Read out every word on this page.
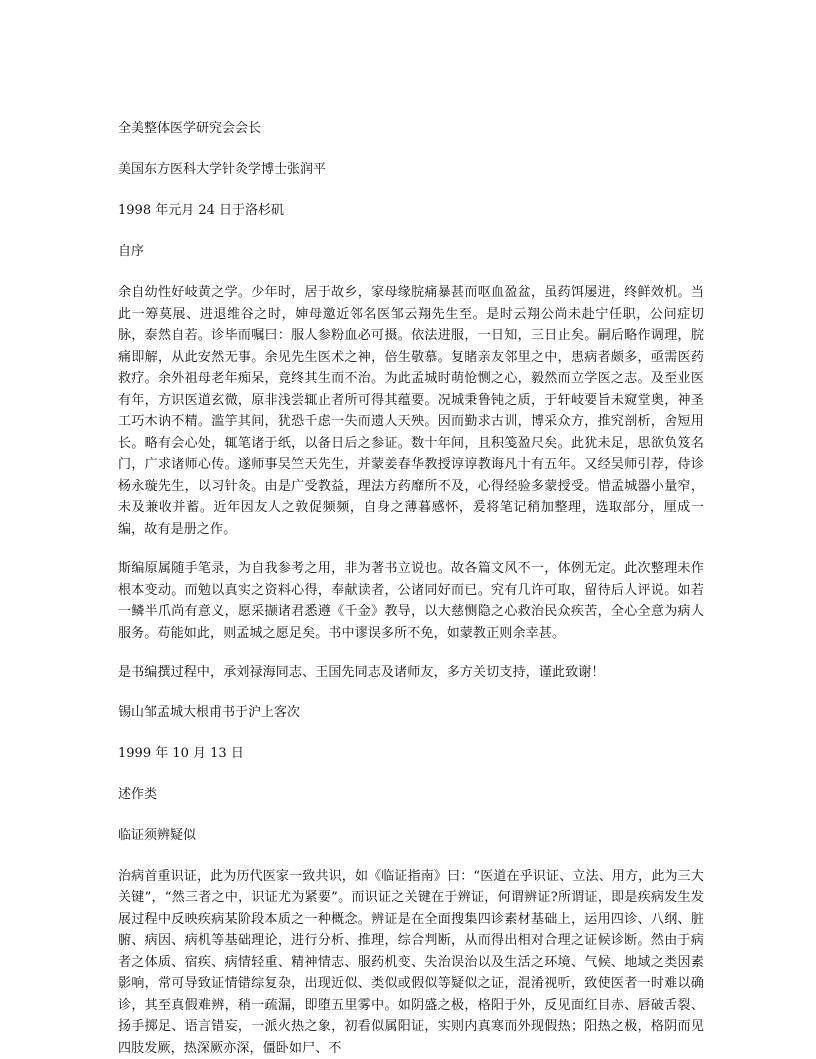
全美整体医学研究会会长

美国东方医科大学针灸学博士张润平

1998 年元月 24 日于洛杉矶

自序

余自幼性好岐黄之学。少年时，居于故乡，家母缘脘痛暴甚而呕血盈盆，虽药饵屡进，终鲜效机。当此一筹莫展、进退维谷之时，婶母邀近邻名医邹云翔先生至。是时云翔公尚未赴宁任职，公问症切脉，泰然自若。诊毕而嘱曰：服人参粉血必可摄。依法进服，一日知，三日止矣。嗣后略作调理，脘痛即解，从此安然无事。余见先生医术之神，倍生敬慕。复睹亲友邻里之中，患病者颇多，亟需医药救疗。余外祖母老年痴呆，竟终其生而不治。为此孟城时萌怆恻之心，毅然而立学医之志。及至业医有年，方识医道玄微，原非浅尝辄止者所可得其蕴要。况城秉鲁钝之质，于轩岐要旨未窥堂奥，神圣工巧木讷不精。滥竽其间，犹恐千虑一失而遗人天殃。因而勤求古训，博采众方，推究剖析，舍短用长。略有会心处，辄笔诸于纸，以备日后之参证。数十年间，且积笺盈尺矣。此犹未足，思欲负笈名门，广求诸师心传。遂师事吴竺天先生，并蒙姜春华教授谆谆教诲凡十有五年。又经吴师引荐，侍诊杨永璇先生，以习针灸。由是广受教益，理法方药靡所不及，心得经验多蒙授受。惜孟城器小量窄，未及兼收并蓄。近年因友人之敦促频频，自身之薄暮感怀，爰将笔记稍加整理，选取部分，厘成一编，故有是册之作。

斯编原属随手笔录，为自我参考之用，非为著书立说也。故各篇文风不一，体例无定。此次整理未作根本变动。而勉以真实之资料心得，奉献读者，公诸同好而已。究有几许可取，留待后人评说。如若一鳞半爪尚有意义，愿采撷诸君悉遵《千金》教导，以大慈恻隐之心救治民众疾苦，全心全意为病人服务。苟能如此，则孟城之愿足矣。书中谬误多所不免，如蒙教正则余幸甚。

是书编撰过程中，承刘禄海同志、王国先同志及诸师友，多方关切支持，谨此致谢！

锡山邹孟城大根甫书于沪上客次

1999 年 10 月 13 日

述作类

临证须辨疑似

治病首重识证，此为历代医家一致共识，如《临证指南》曰：“医道在乎识证、立法、用方，此为三大关键”，“然三者之中，识证尤为紧要”。而识证之关键在于辨证，何谓辨证?所谓证，即是疾病发生发展过程中反映疾病某阶段本质之一种概念。辨证是在全面搜集四诊素材基础上，运用四诊、八纲、脏腑、病因、病机等基础理论，进行分析、推理，综合判断，从而得出相对合理之证候诊断。然由于病者之体质、宿疾、病情轻重、精神情志、服药机变、失治误治以及生活之环境、气候、地域之类因素影响，常可导致证情错综复杂，出现近似、类似或假似等疑似之证，混淆视听，致使医者一时难以确诊，其至真假难辨，稍一疏漏，即堕五里雾中。如阴盛之极，格阳于外，反见面红目赤、唇破舌裂、扬手掷足、语言错妄，一派火热之象，初看似属阳证，实则内真寒而外现假热；阳热之极，格阴而见四肢发厥，热深厥亦深，僵卧如尸、不
